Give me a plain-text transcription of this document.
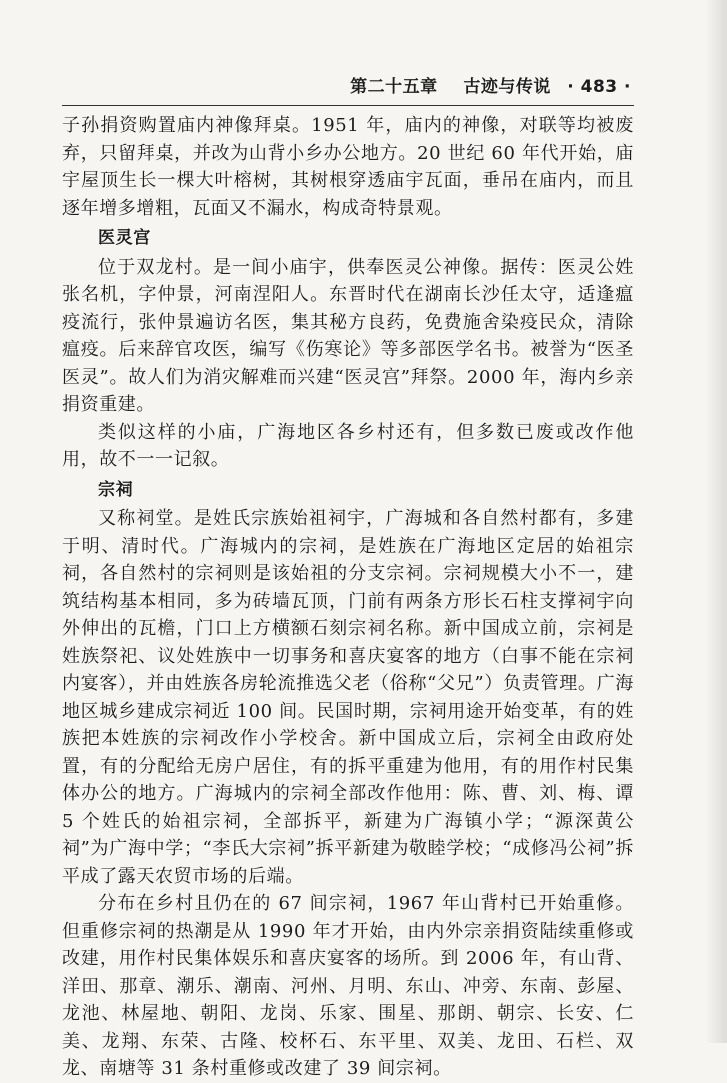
第二十五章 古迹与传说 · 483 ·

子孙捐资购置庙内神像拜桌。1951 年，庙内的神像，对联等均被废弃，只留拜桌，并改为山背小乡办公地方。20 世纪 60 年代开始，庙宇屋顶生长一棵大叶榕树，其树根穿透庙宇瓦面，垂吊在庙内，而且逐年增多增粗，瓦面又不漏水，构成奇特景观。

医灵宫

位于双龙村。是一间小庙宇，供奉医灵公神像。据传：医灵公姓张名机，字仲景，河南涅阳人。东晋时代在湖南长沙任太守，适逢瘟疫流行，张仲景遍访名医，集其秘方良药，免费施舍染疫民众，清除瘟疫。后来辞官攻医，编写《伤寒论》等多部医学名书。被誉为“医圣医灵”。故人们为消灾解难而兴建“医灵宫”拜祭。2000 年，海内乡亲捐资重建。

类似这样的小庙，广海地区各乡村还有，但多数已废或改作他用，故不一一记叙。

宗祠

又称祠堂。是姓氏宗族始祖祠宇，广海城和各自然村都有，多建于明、清时代。广海城内的宗祠，是姓族在广海地区定居的始祖宗祠，各自然村的宗祠则是该始祖的分支宗祠。宗祠规模大小不一，建筑结构基本相同，多为砖墙瓦顶，门前有两条方形长石柱支撑祠宇向外伸出的瓦檐，门口上方横额石刻宗祠名称。新中国成立前，宗祠是姓族祭祀、议处姓族中一切事务和喜庆宴客的地方（白事不能在宗祠内宴客），并由姓族各房轮流推选父老（俗称“父兄”）负责管理。广海地区城乡建成宗祠近 100 间。民国时期，宗祠用途开始变革，有的姓族把本姓族的宗祠改作小学校舍。新中国成立后，宗祠全由政府处置，有的分配给无房户居住，有的拆平重建为他用，有的用作村民集体办公的地方。广海城内的宗祠全部改作他用：陈、曹、刘、梅、谭 5 个姓氏的始祖宗祠，全部拆平，新建为广海镇小学；“源深黄公祠”为广海中学；“李氏大宗祠”拆平新建为敬睦学校；“成修冯公祠”拆平成了露天农贸市场的后端。

分布在乡村且仍在的 67 间宗祠，1967 年山背村已开始重修。但重修宗祠的热潮是从 1990 年才开始，由内外宗亲捐资陆续重修或改建，用作村民集体娱乐和喜庆宴客的场所。到 2006 年，有山背、洋田、那章、潮乐、潮南、河州、月明、东山、冲旁、东南、彭屋、龙池、林屋地、朝阳、龙岗、乐家、围星、那朗、朝宗、长安、仁美、龙翔、东荣、古隆、校杯石、东平里、双美、龙田、石栏、双龙、南塘等 31 条村重修或改建了 39 间宗祠。
